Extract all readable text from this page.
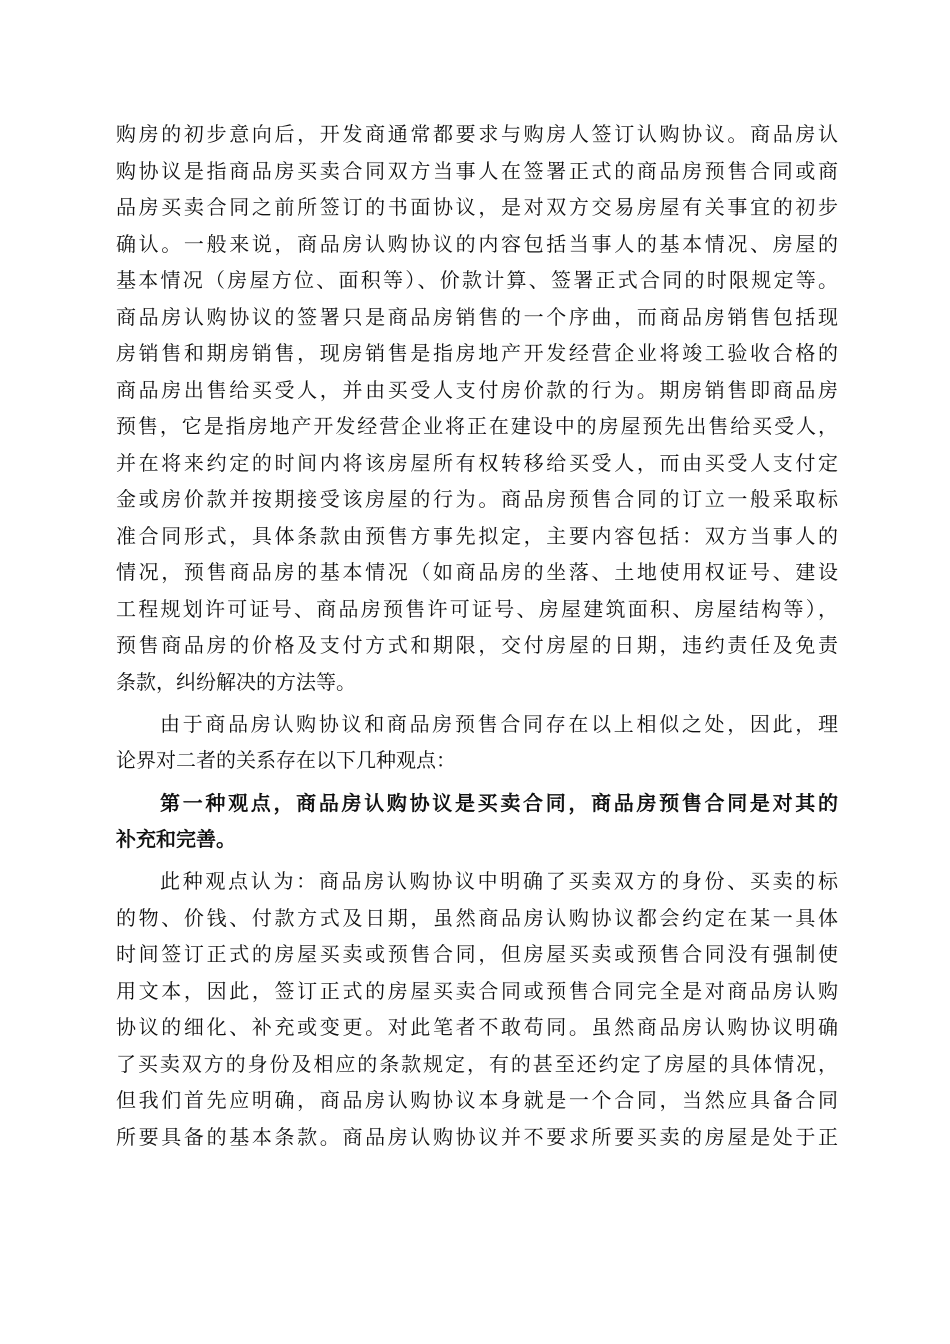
购房的初步意向后，开发商通常都要求与购房人签订认购协议。商品房认
购协议是指商品房买卖合同双方当事人在签署正式的商品房预售合同或商
品房买卖合同之前所签订的书面协议，是对双方交易房屋有关事宜的初步
确认。一般来说，商品房认购协议的内容包括当事人的基本情况、房屋的
基本情况（房屋方位、面积等）、价款计算、签署正式合同的时限规定等。
商品房认购协议的签署只是商品房销售的一个序曲，而商品房销售包括现
房销售和期房销售，现房销售是指房地产开发经营企业将竣工验收合格的
商品房出售给买受人，并由买受人支付房价款的行为。期房销售即商品房
预售，它是指房地产开发经营企业将正在建设中的房屋预先出售给买受人，
并在将来约定的时间内将该房屋所有权转移给买受人，而由买受人支付定
金或房价款并按期接受该房屋的行为。商品房预售合同的订立一般采取标
准合同形式，具体条款由预售方事先拟定，主要内容包括：双方当事人的
情况，预售商品房的基本情况（如商品房的坐落、土地使用权证号、建设
工程规划许可证号、商品房预售许可证号、房屋建筑面积、房屋结构等），
预售商品房的价格及支付方式和期限，交付房屋的日期，违约责任及免责
条款，纠纷解决的方法等。
由于商品房认购协议和商品房预售合同存在以上相似之处，因此，理
论界对二者的关系存在以下几种观点：
第一种观点，商品房认购协议是买卖合同，商品房预售合同是对其的
补充和完善。
此种观点认为：商品房认购协议中明确了买卖双方的身份、买卖的标
的物、价钱、付款方式及日期，虽然商品房认购协议都会约定在某一具体
时间签订正式的房屋买卖或预售合同，但房屋买卖或预售合同没有强制使
用文本，因此，签订正式的房屋买卖合同或预售合同完全是对商品房认购
协议的细化、补充或变更。对此笔者不敢苟同。虽然商品房认购协议明确
了买卖双方的身份及相应的条款规定，有的甚至还约定了房屋的具体情况，
但我们首先应明确，商品房认购协议本身就是一个合同，当然应具备合同
所要具备的基本条款。商品房认购协议并不要求所要买卖的房屋是处于正
